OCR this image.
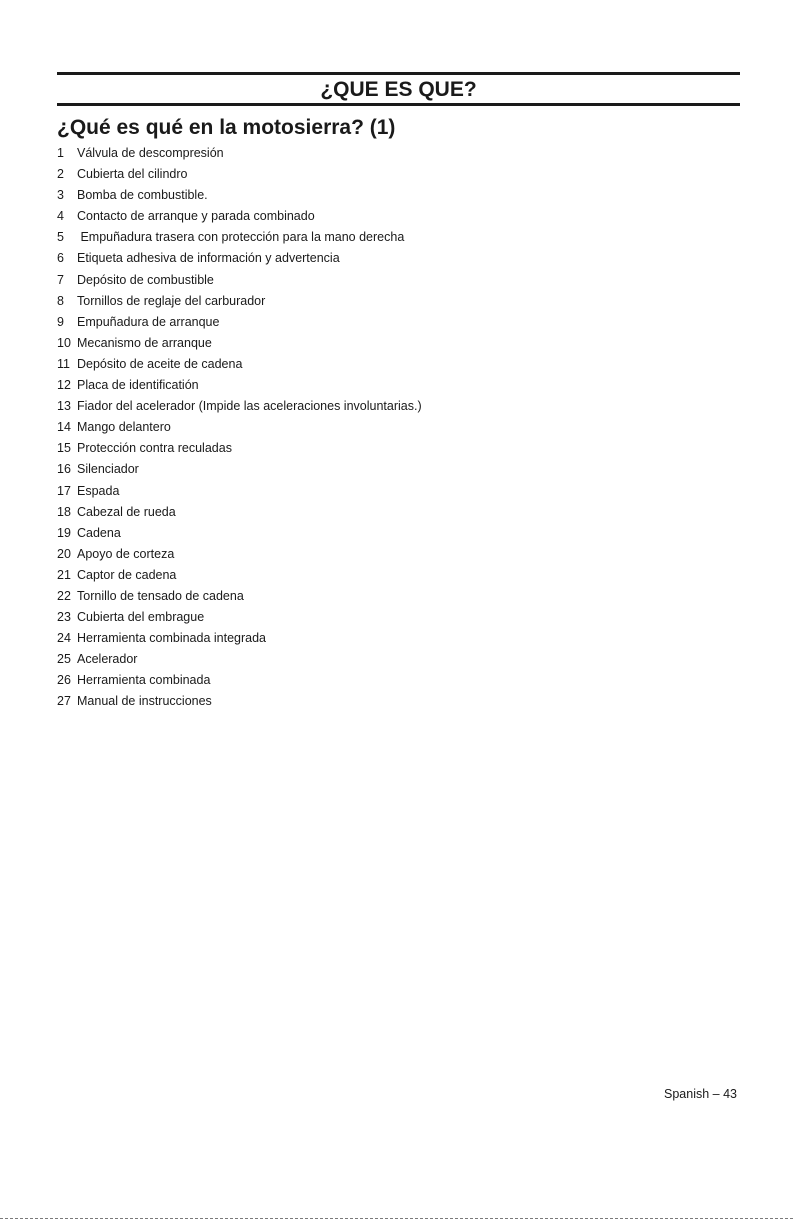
¿QUE ES QUE?
¿Qué es qué en la motosierra? (1)
1 Válvula de descompresión
2 Cubierta del cilindro
3 Bomba de combustible.
4 Contacto de arranque y parada combinado
5 Empuñadura trasera con protección para la mano derecha
6 Etiqueta adhesiva de información y advertencia
7 Depósito de combustible
8 Tornillos de reglaje del carburador
9 Empuñadura de arranque
10 Mecanismo de arranque
11 Depósito de aceite de cadena
12 Placa de identificatión
13 Fiador del acelerador (Impide las aceleraciones involuntarias.)
14 Mango delantero
15 Protección contra reculadas
16 Silenciador
17 Espada
18 Cabezal de rueda
19 Cadena
20 Apoyo de corteza
21 Captor de cadena
22 Tornillo de tensado de cadena
23 Cubierta del embrague
24 Herramienta combinada integrada
25 Acelerador
26 Herramienta combinada
27 Manual de instrucciones
Spanish – 43
